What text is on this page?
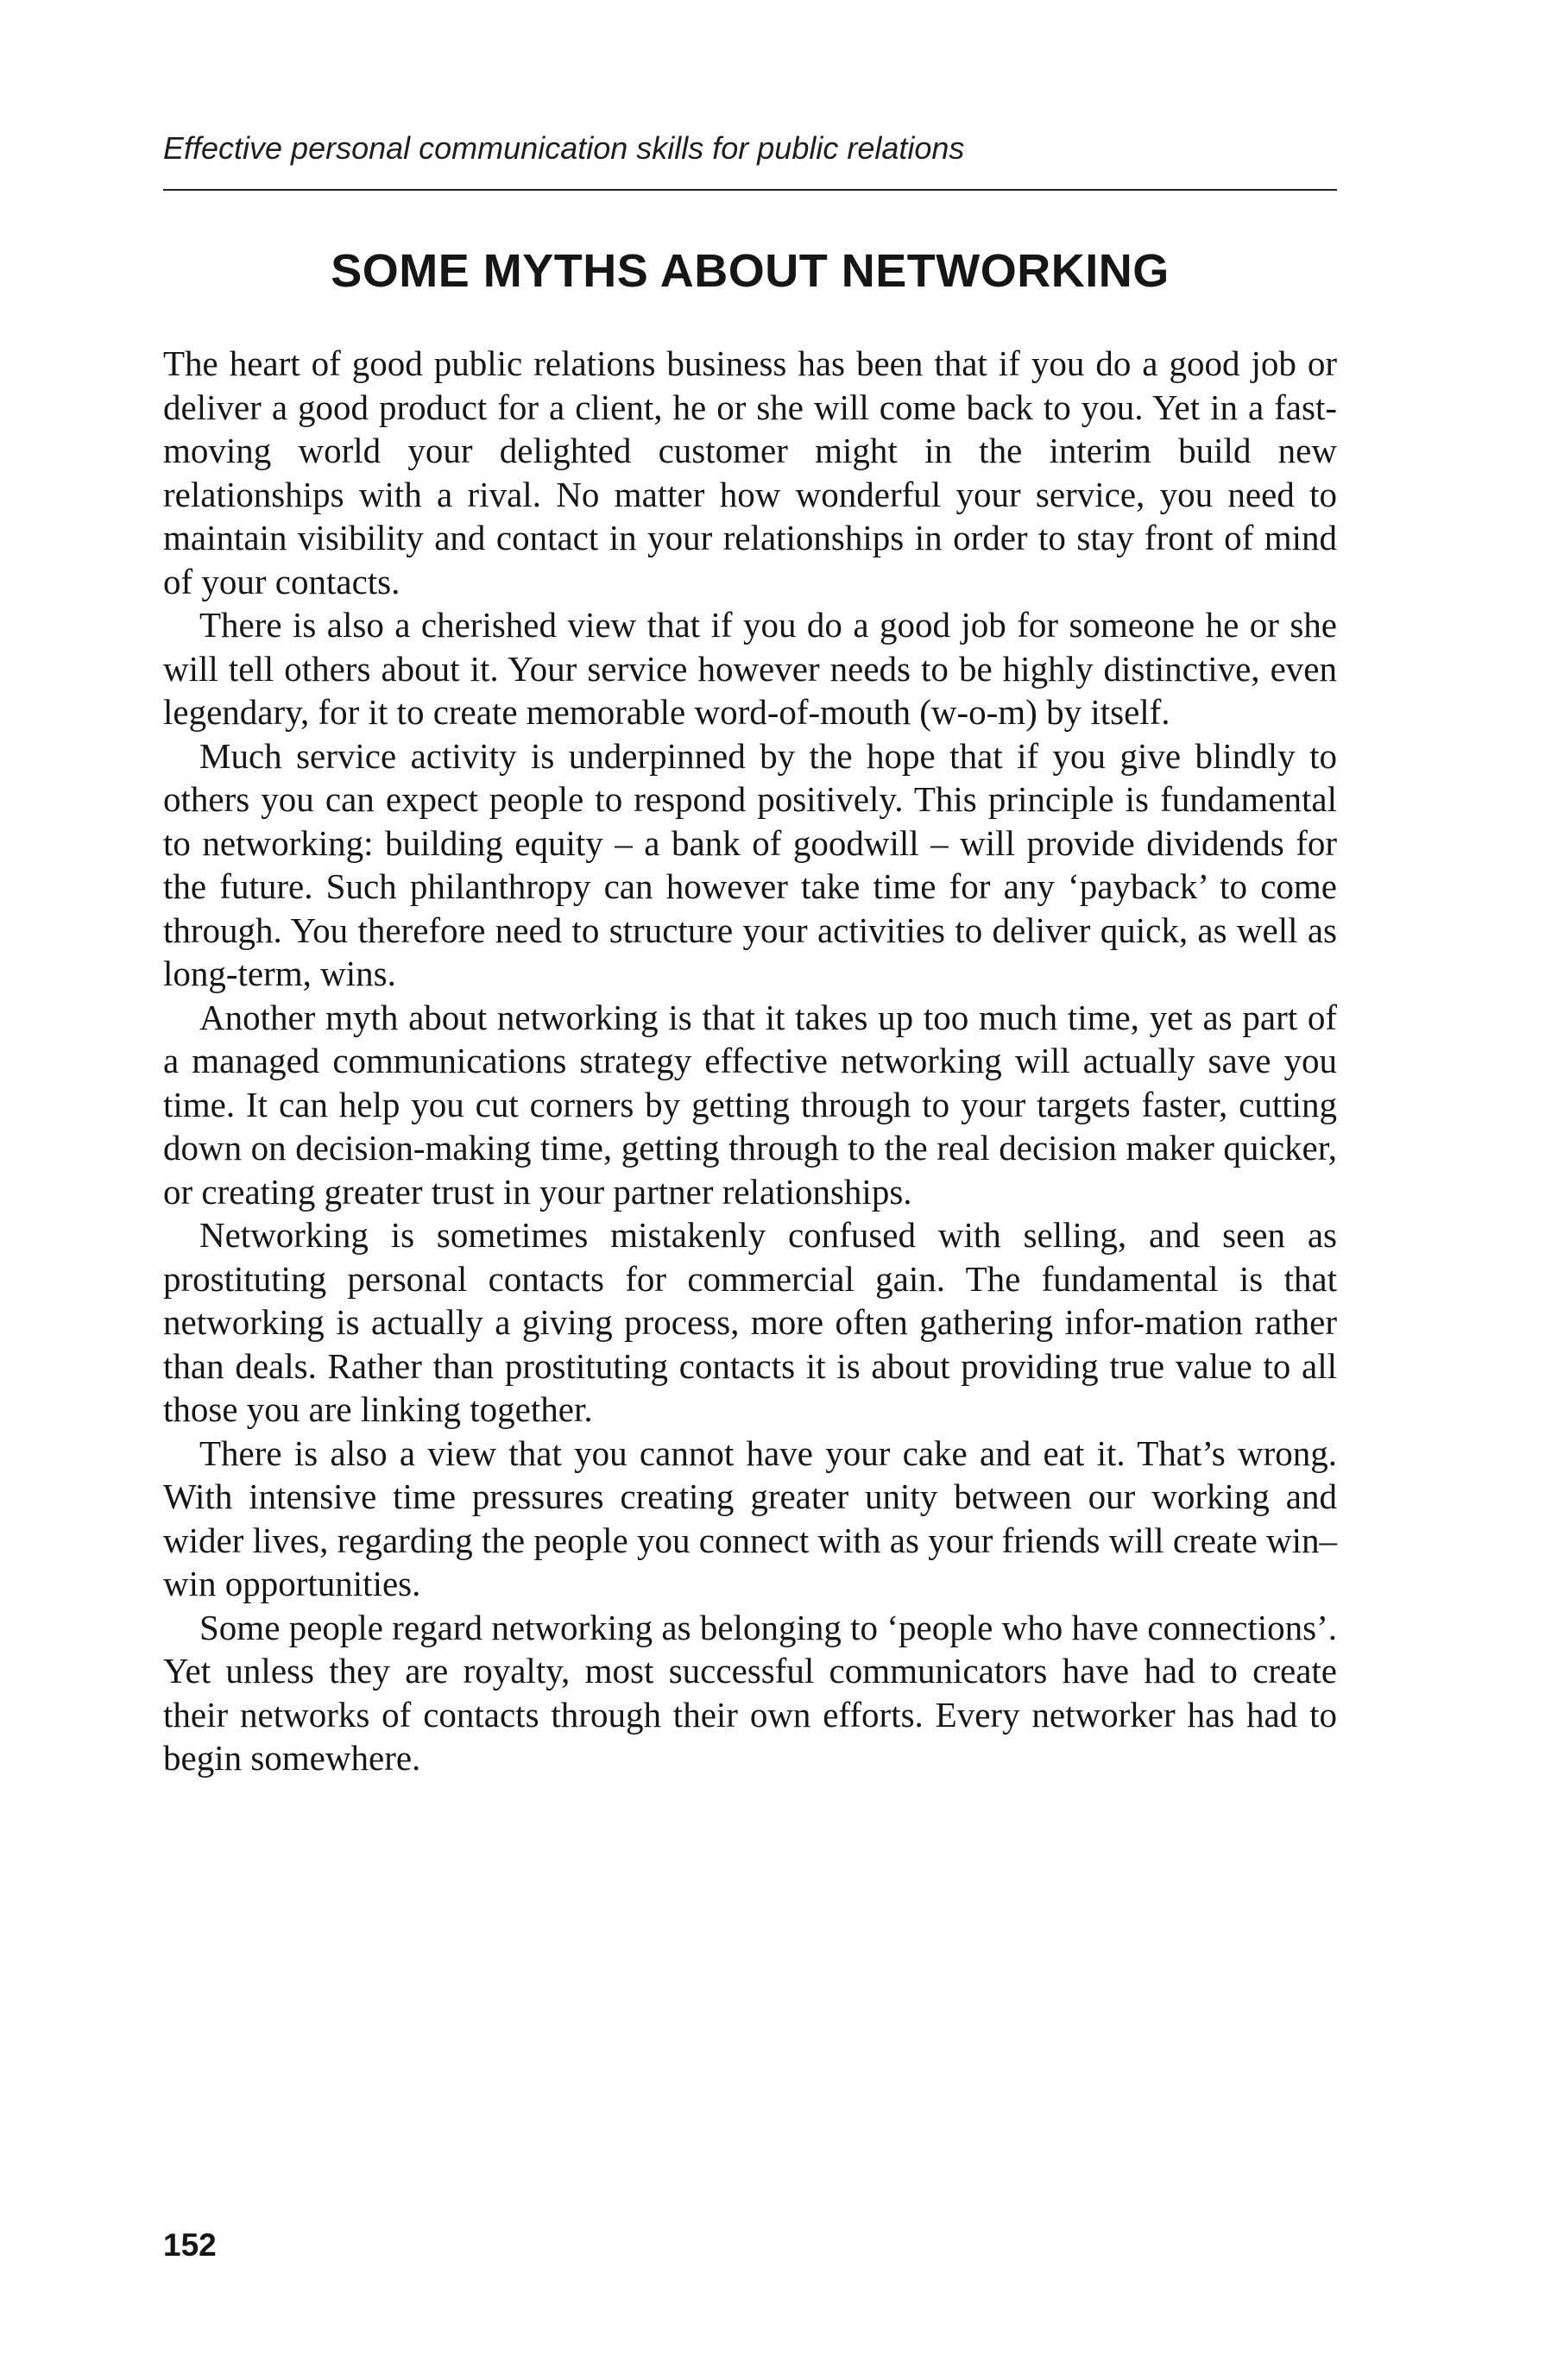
Effective personal communication skills for public relations
SOME MYTHS ABOUT NETWORKING

The heart of good public relations business has been that if you do a good job or deliver a good product for a client, he or she will come back to you. Yet in a fast-moving world your delighted customer might in the interim build new relationships with a rival. No matter how wonderful your service, you need to maintain visibility and contact in your relationships in order to stay front of mind of your contacts.

There is also a cherished view that if you do a good job for someone he or she will tell others about it. Your service however needs to be highly distinctive, even legendary, for it to create memorable word-of-mouth (w-o-m) by itself.

Much service activity is underpinned by the hope that if you give blindly to others you can expect people to respond positively. This principle is fundamental to networking: building equity – a bank of goodwill – will provide dividends for the future. Such philanthropy can however take time for any ‘payback’ to come through. You therefore need to structure your activities to deliver quick, as well as long-term, wins.

Another myth about networking is that it takes up too much time, yet as part of a managed communications strategy effective networking will actually save you time. It can help you cut corners by getting through to your targets faster, cutting down on decision-making time, getting through to the real decision maker quicker, or creating greater trust in your partner relationships.

Networking is sometimes mistakenly confused with selling, and seen as prostituting personal contacts for commercial gain. The fundamental is that networking is actually a giving process, more often gathering infor-mation rather than deals. Rather than prostituting contacts it is about providing true value to all those you are linking together.

There is also a view that you cannot have your cake and eat it. That’s wrong. With intensive time pressures creating greater unity between our working and wider lives, regarding the people you connect with as your friends will create win–win opportunities.

Some people regard networking as belonging to ‘people who have connections’. Yet unless they are royalty, most successful communicators have had to create their networks of contacts through their own efforts. Every networker has had to begin somewhere.

152
